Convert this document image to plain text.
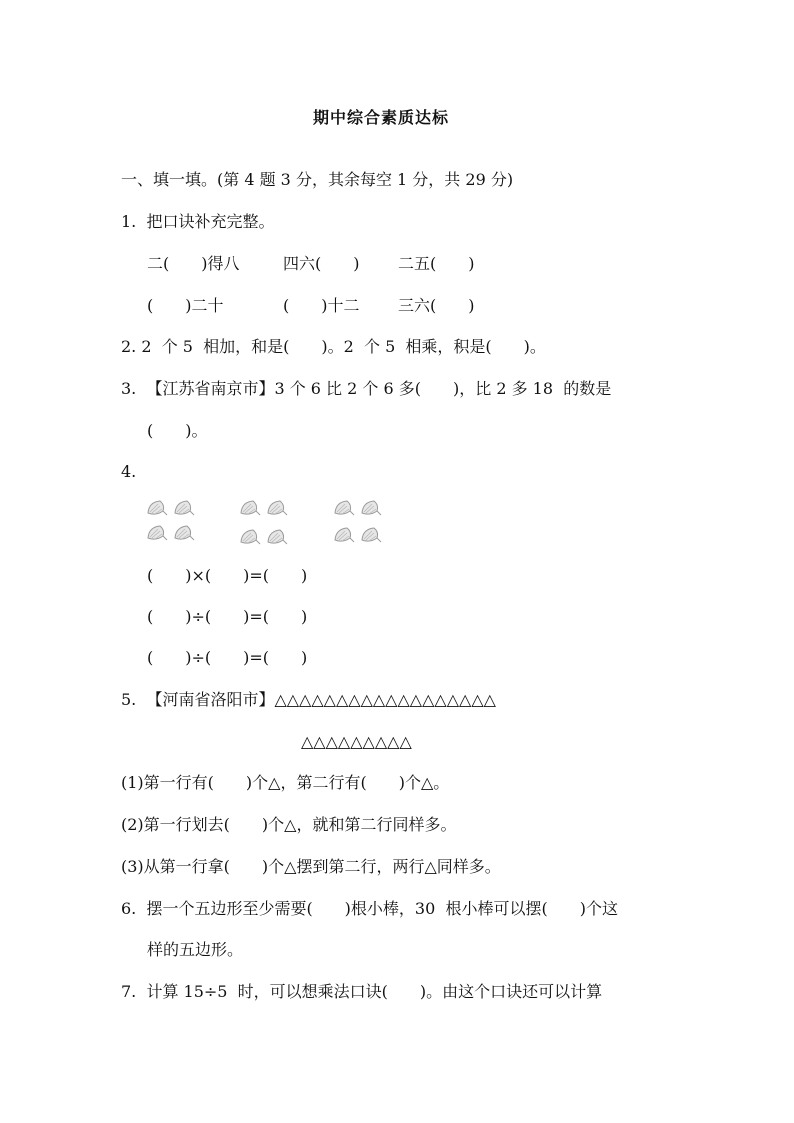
期中综合素质达标
一、填一填。(第 4 题 3 分，其余每空 1 分，共 29 分)
1.  把口诀补充完整。
二(　　)得八	四六(　　) 二五(　　)
(　　)二十	(　　)十二 三六(　　)
2. 2  个 5  相加，和是(　　)。2  个 5  相乘，积是(　　)。
3.  【江苏省南京市】3 个 6 比 2 个 6 多(　　)，比 2 多 18  的数是
(　　)。
4.
(　　)×(　　)=(　　)
(　　)÷(　　)=(　　)
(　　)÷(　　)=(　　)
5.  【河南省洛阳市】△△△△△△△△△△△△△△△△△△
△△△△△△△△△
(1)第一行有(　　)个△，第二行有(　　)个△。
(2)第一行划去(　　)个△，就和第二行同样多。
(3)从第一行拿(　　)个△摆到第二行，两行△同样多。
6.  摆一个五边形至少需要(　　)根小棒，30  根小棒可以摆(　　)个这
样的五边形。
7.  计算 15÷5  时，可以想乘法口诀(　　)。由这个口诀还可以计算
